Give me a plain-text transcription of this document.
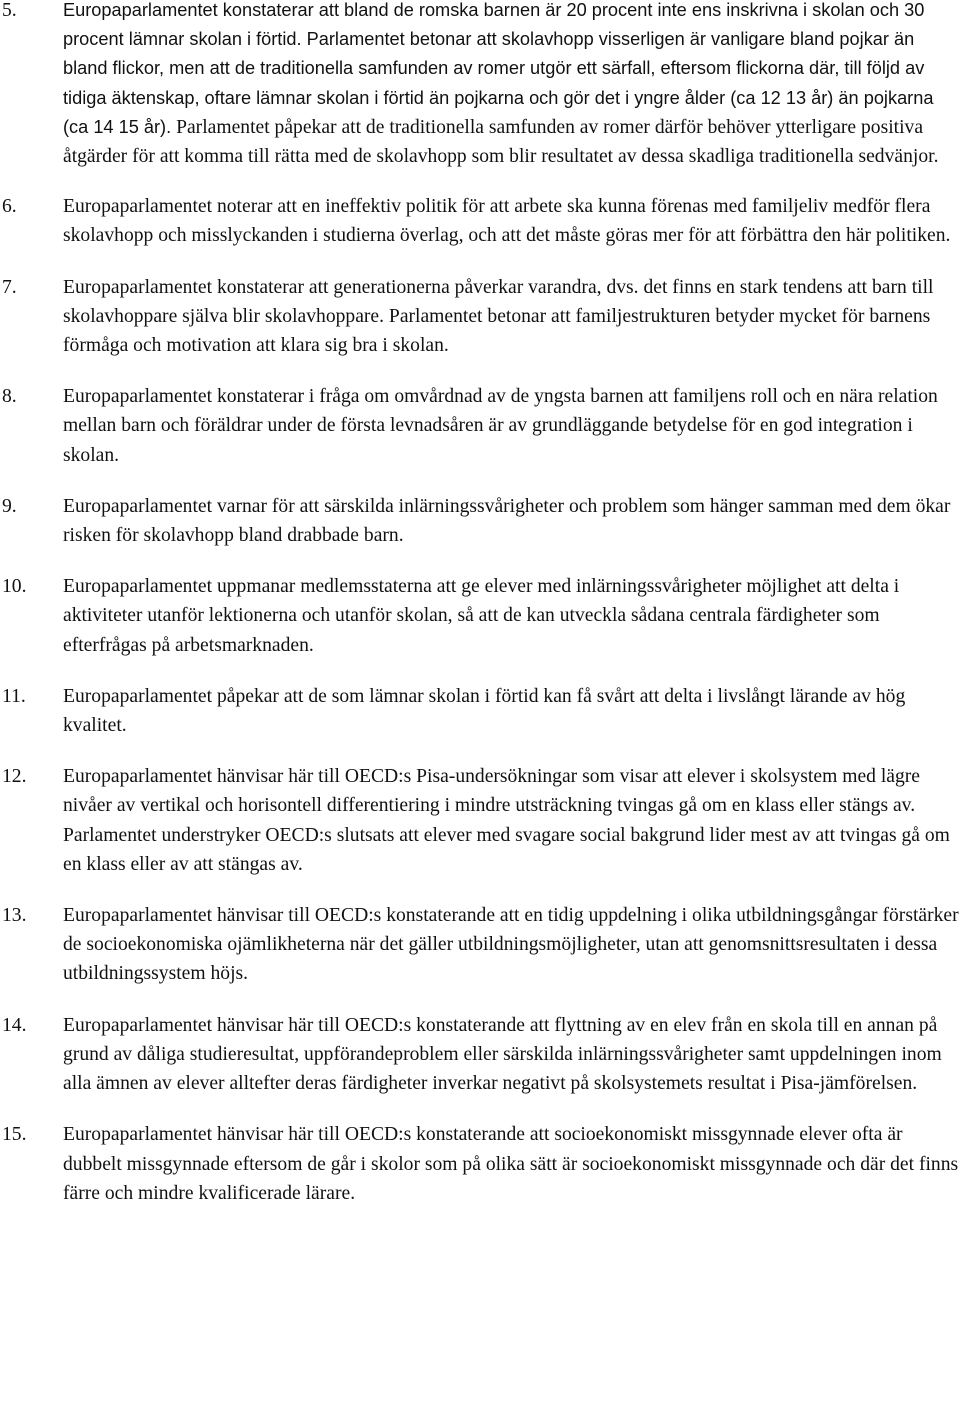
5.	Europaparlamentet konstaterar att bland de romska barnen är 20 procent inte ens inskrivna i skolan och 30 procent lämnar skolan i förtid. Parlamentet betonar att skolavhopp visserligen är vanligare bland pojkar än bland flickor, men att de traditionella samfunden av romer utgör ett särfall, eftersom flickorna där, till följd av tidiga äktenskap, oftare lämnar skolan i förtid än pojkarna och gör det i yngre ålder (ca 12 13 år) än pojkarna (ca 14 15 år). Parlamentet påpekar att de traditionella samfunden av romer därför behöver ytterligare positiva åtgärder för att komma till rätta med de skolavhopp som blir resultatet av dessa skadliga traditionella sedvänjor.
6. Europaparlamentet noterar att en ineffektiv politik för att arbete ska kunna förenas med familjeliv medför flera skolavhopp och misslyckanden i studierna överlag, och att det måste göras mer för att förbättra den här politiken.
7. Europaparlamentet konstaterar att generationerna påverkar varandra, dvs. det finns en stark tendens att barn till skolavhoppare själva blir skolavhoppare. Parlamentet betonar att familjestrukturen betyder mycket för barnens förmåga och motivation att klara sig bra i skolan.
8. Europaparlamentet konstaterar i fråga om omvårdnad av de yngsta barnen att familjens roll och en nära relation mellan barn och föräldrar under de första levnadsåren är av grundläggande betydelse för en god integration i skolan.
9. Europaparlamentet varnar för att särskilda inlärningssvårigheter och problem som hänger samman med dem ökar risken för skolavhopp bland drabbade barn.
10. Europaparlamentet uppmanar medlemsstaterna att ge elever med inlärningssvårigheter möjlighet att delta i aktiviteter utanför lektionerna och utanför skolan, så att de kan utveckla sådana centrala färdigheter som efterfrågas på arbetsmarknaden.
11. Europaparlamentet påpekar att de som lämnar skolan i förtid kan få svårt att delta i livslångt lärande av hög kvalitet.
12. Europaparlamentet hänvisar här till OECD:s Pisa-undersökningar som visar att elever i skolsystem med lägre nivåer av vertikal och horisontell differentiering i mindre utsträckning tvingas gå om en klass eller stängs av. Parlamentet understryker OECD:s slutsats att elever med svagare social bakgrund lider mest av att tvingas gå om en klass eller av att stängas av.
13. Europaparlamentet hänvisar till OECD:s konstaterande att en tidig uppdelning i olika utbildningsgångar förstärker de socioekonomiska ojämlikheterna när det gäller utbildningsmöjligheter, utan att genomsnittsresultaten i dessa utbildningssystem höjs.
14. Europaparlamentet hänvisar här till OECD:s konstaterande att flyttning av en elev från en skola till en annan på grund av dåliga studieresultat, uppförandeproblem eller särskilda inlärningssvårigheter samt uppdelningen inom alla ämnen av elever alltefter deras färdigheter inverkar negativt på skolsystemets resultat i Pisa-jämförelsen.
15. Europaparlamentet hänvisar här till OECD:s konstaterande att socioekonomiskt missgynnade elever ofta är dubbelt missgynnade eftersom de går i skolor som på olika sätt är socioekonomiskt missgynnade och där det finns färre och mindre kvalificerade lärare.
